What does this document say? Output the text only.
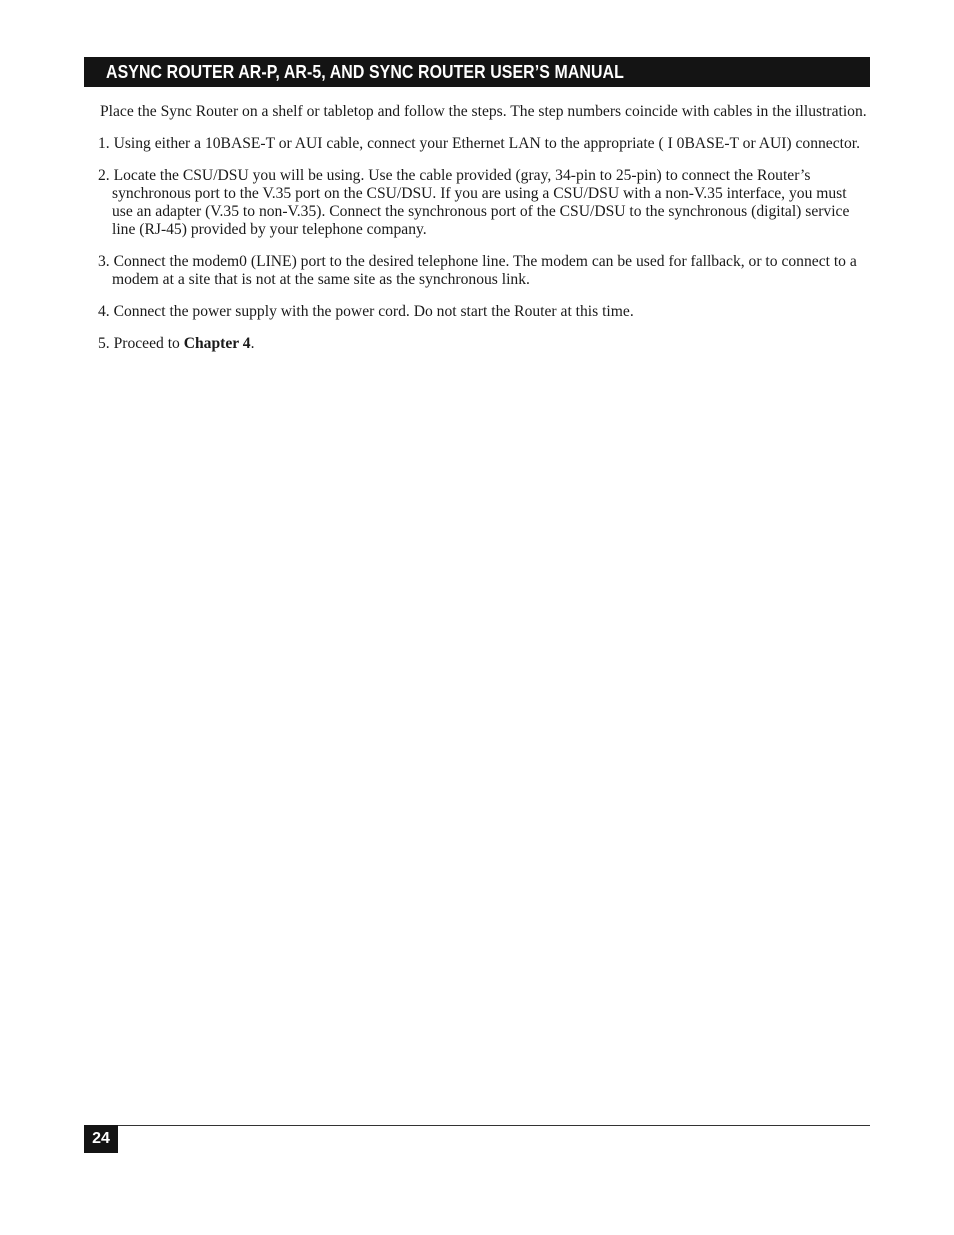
ASYNC ROUTER AR-P, AR-5, AND SYNC ROUTER USER’S MANUAL

Place the Sync Router on a shelf or tabletop and follow the steps. The step numbers coincide with cables in the illustration.

1. Using either a 10BASE-T or AUI cable, connect your Ethernet LAN to the appropriate ( I 0BASE-T or AUI) connector.
2. Locate the CSU/DSU you will be using. Use the cable provided (gray, 34-pin to 25-pin) to connect the Router’s synchronous port to the V.35 port on the CSU/DSU. If you are using a CSU/DSU with a non-V.35 interface, you must use an adapter (V.35 to non-V.35). Connect the synchronous port of the CSU/DSU to the synchronous (digital) service line (RJ-45) provided by your telephone company.
3. Connect the modem0 (LINE) port to the desired telephone line. The modem can be used for fallback, or to connect to a modem at a site that is not at the same site as the synchronous link.
4. Connect the power supply with the power cord. Do not start the Router at this time.
5. Proceed to Chapter 4.
24
